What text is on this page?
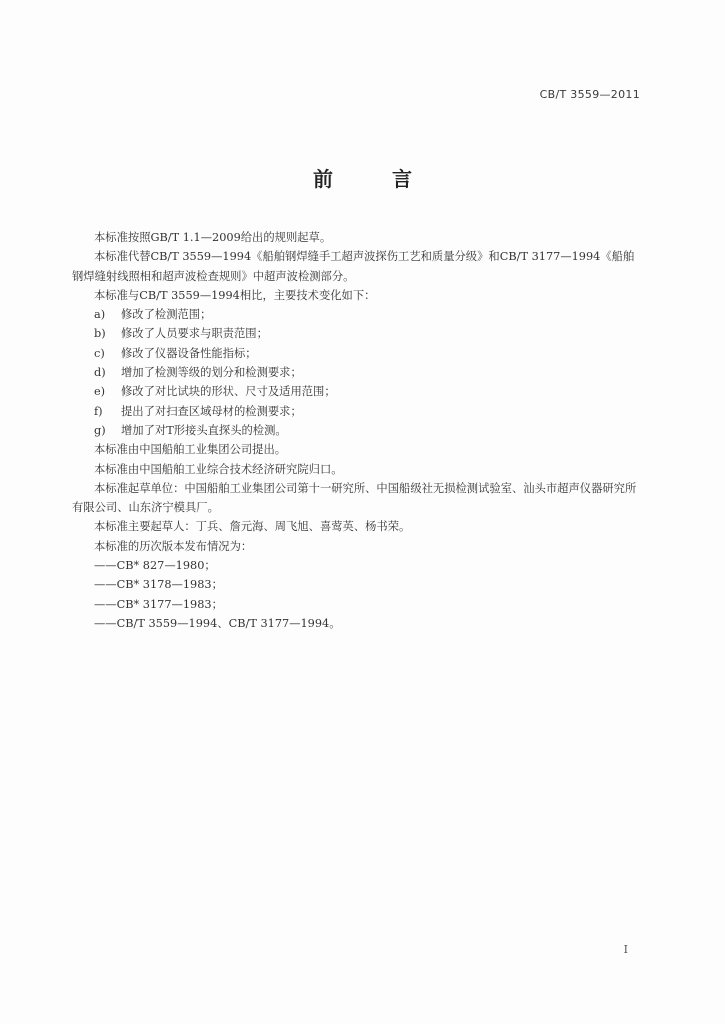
CB/T 3559—2011
前 言

本标准按照GB/T 1.1—2009给出的规则起草。

本标准代替CB/T 3559—1994《船舶钢焊缝手工超声波探伤工艺和质量分级》和CB/T 3177—1994《船舶钢焊缝射线照相和超声波检查规则》中超声波检测部分。

本标准与CB/T 3559—1994相比，主要技术变化如下：

a) 修改了检测范围；

b) 修改了人员要求与职责范围；

c) 修改了仪器设备性能指标；

d) 增加了检测等级的划分和检测要求；

e) 修改了对比试块的形状、尺寸及适用范围；

f) 提出了对扫查区域母材的检测要求；

g) 增加了对T形接头直探头的检测。

本标准由中国船舶工业集团公司提出。

本标准由中国船舶工业综合技术经济研究院归口。

本标准起草单位：中国船舶工业集团公司第十一研究所、中国船级社无损检测试验室、汕头市超声仪器研究所有限公司、山东济宁模具厂。

本标准主要起草人：丁兵、詹元海、周飞旭、喜莺英、杨书荣。

本标准的历次版本发布情况为：

——CB* 827—1980；

——CB* 3178—1983；

——CB* 3177—1983；

——CB/T 3559—1994、CB/T 3177—1994。

I
